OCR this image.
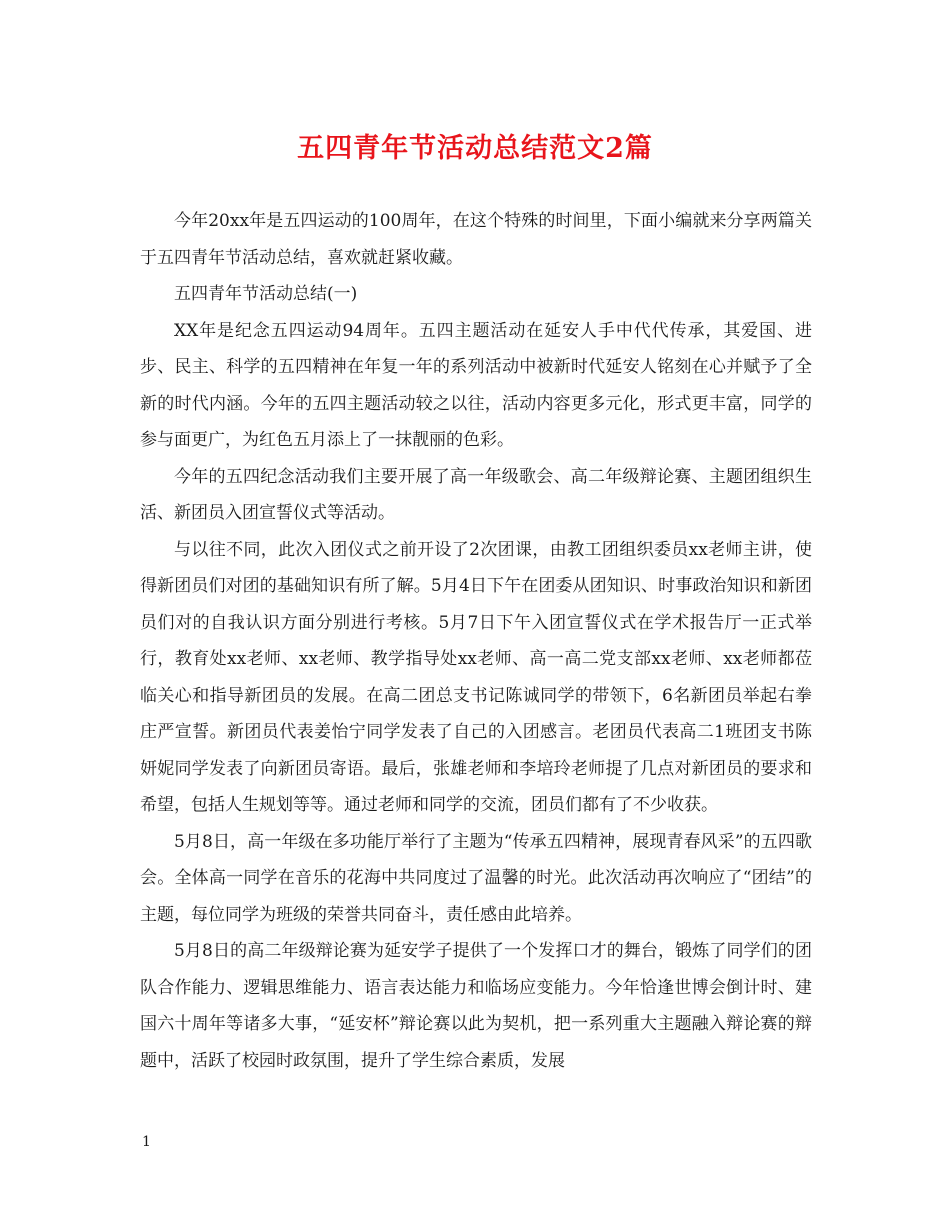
五四青年节活动总结范文2篇

今年20xx年是五四运动的100周年，在这个特殊的时间里，下面小编就来分享两篇关于五四青年节活动总结，喜欢就赶紧收藏。

五四青年节活动总结(一)

XX年是纪念五四运动94周年。五四主题活动在延安人手中代代传承，其爱国、进步、民主、科学的五四精神在年复一年的系列活动中被新时代延安人铭刻在心并赋予了全新的时代内涵。今年的五四主题活动较之以往，活动内容更多元化，形式更丰富，同学的参与面更广，为红色五月添上了一抹靓丽的色彩。

今年的五四纪念活动我们主要开展了高一年级歌会、高二年级辩论赛、主题团组织生活、新团员入团宣誓仪式等活动。

与以往不同，此次入团仪式之前开设了2次团课，由教工团组织委员xx老师主讲，使得新团员们对团的基础知识有所了解。5月4日下午在团委从团知识、时事政治知识和新团员们对的自我认识方面分别进行考核。5月7日下午入团宣誓仪式在学术报告厅一正式举行，教育处xx老师、xx老师、教学指导处xx老师、高一高二党支部xx老师、xx老师都莅临关心和指导新团员的发展。在高二团总支书记陈诚同学的带领下，6名新团员举起右拳庄严宣誓。新团员代表姜怡宁同学发表了自己的入团感言。老团员代表高二1班团支书陈妍妮同学发表了向新团员寄语。最后，张雄老师和李培玲老师提了几点对新团员的要求和希望，包括人生规划等等。通过老师和同学的交流，团员们都有了不少收获。

5月8日，高一年级在多功能厅举行了主题为“传承五四精神，展现青春风采”的五四歌会。全体高一同学在音乐的花海中共同度过了温馨的时光。此次活动再次响应了“团结”的主题，每位同学为班级的荣誉共同奋斗，责任感由此培养。

5月8日的高二年级辩论赛为延安学子提供了一个发挥口才的舞台，锻炼了同学们的团队合作能力、逻辑思维能力、语言表达能力和临场应变能力。今年恰逢世博会倒计时、建国六十周年等诸多大事，“延安杯”辩论赛以此为契机，把一系列重大主题融入辩论赛的辩题中，活跃了校园时政氛围，提升了学生综合素质，发展

1
